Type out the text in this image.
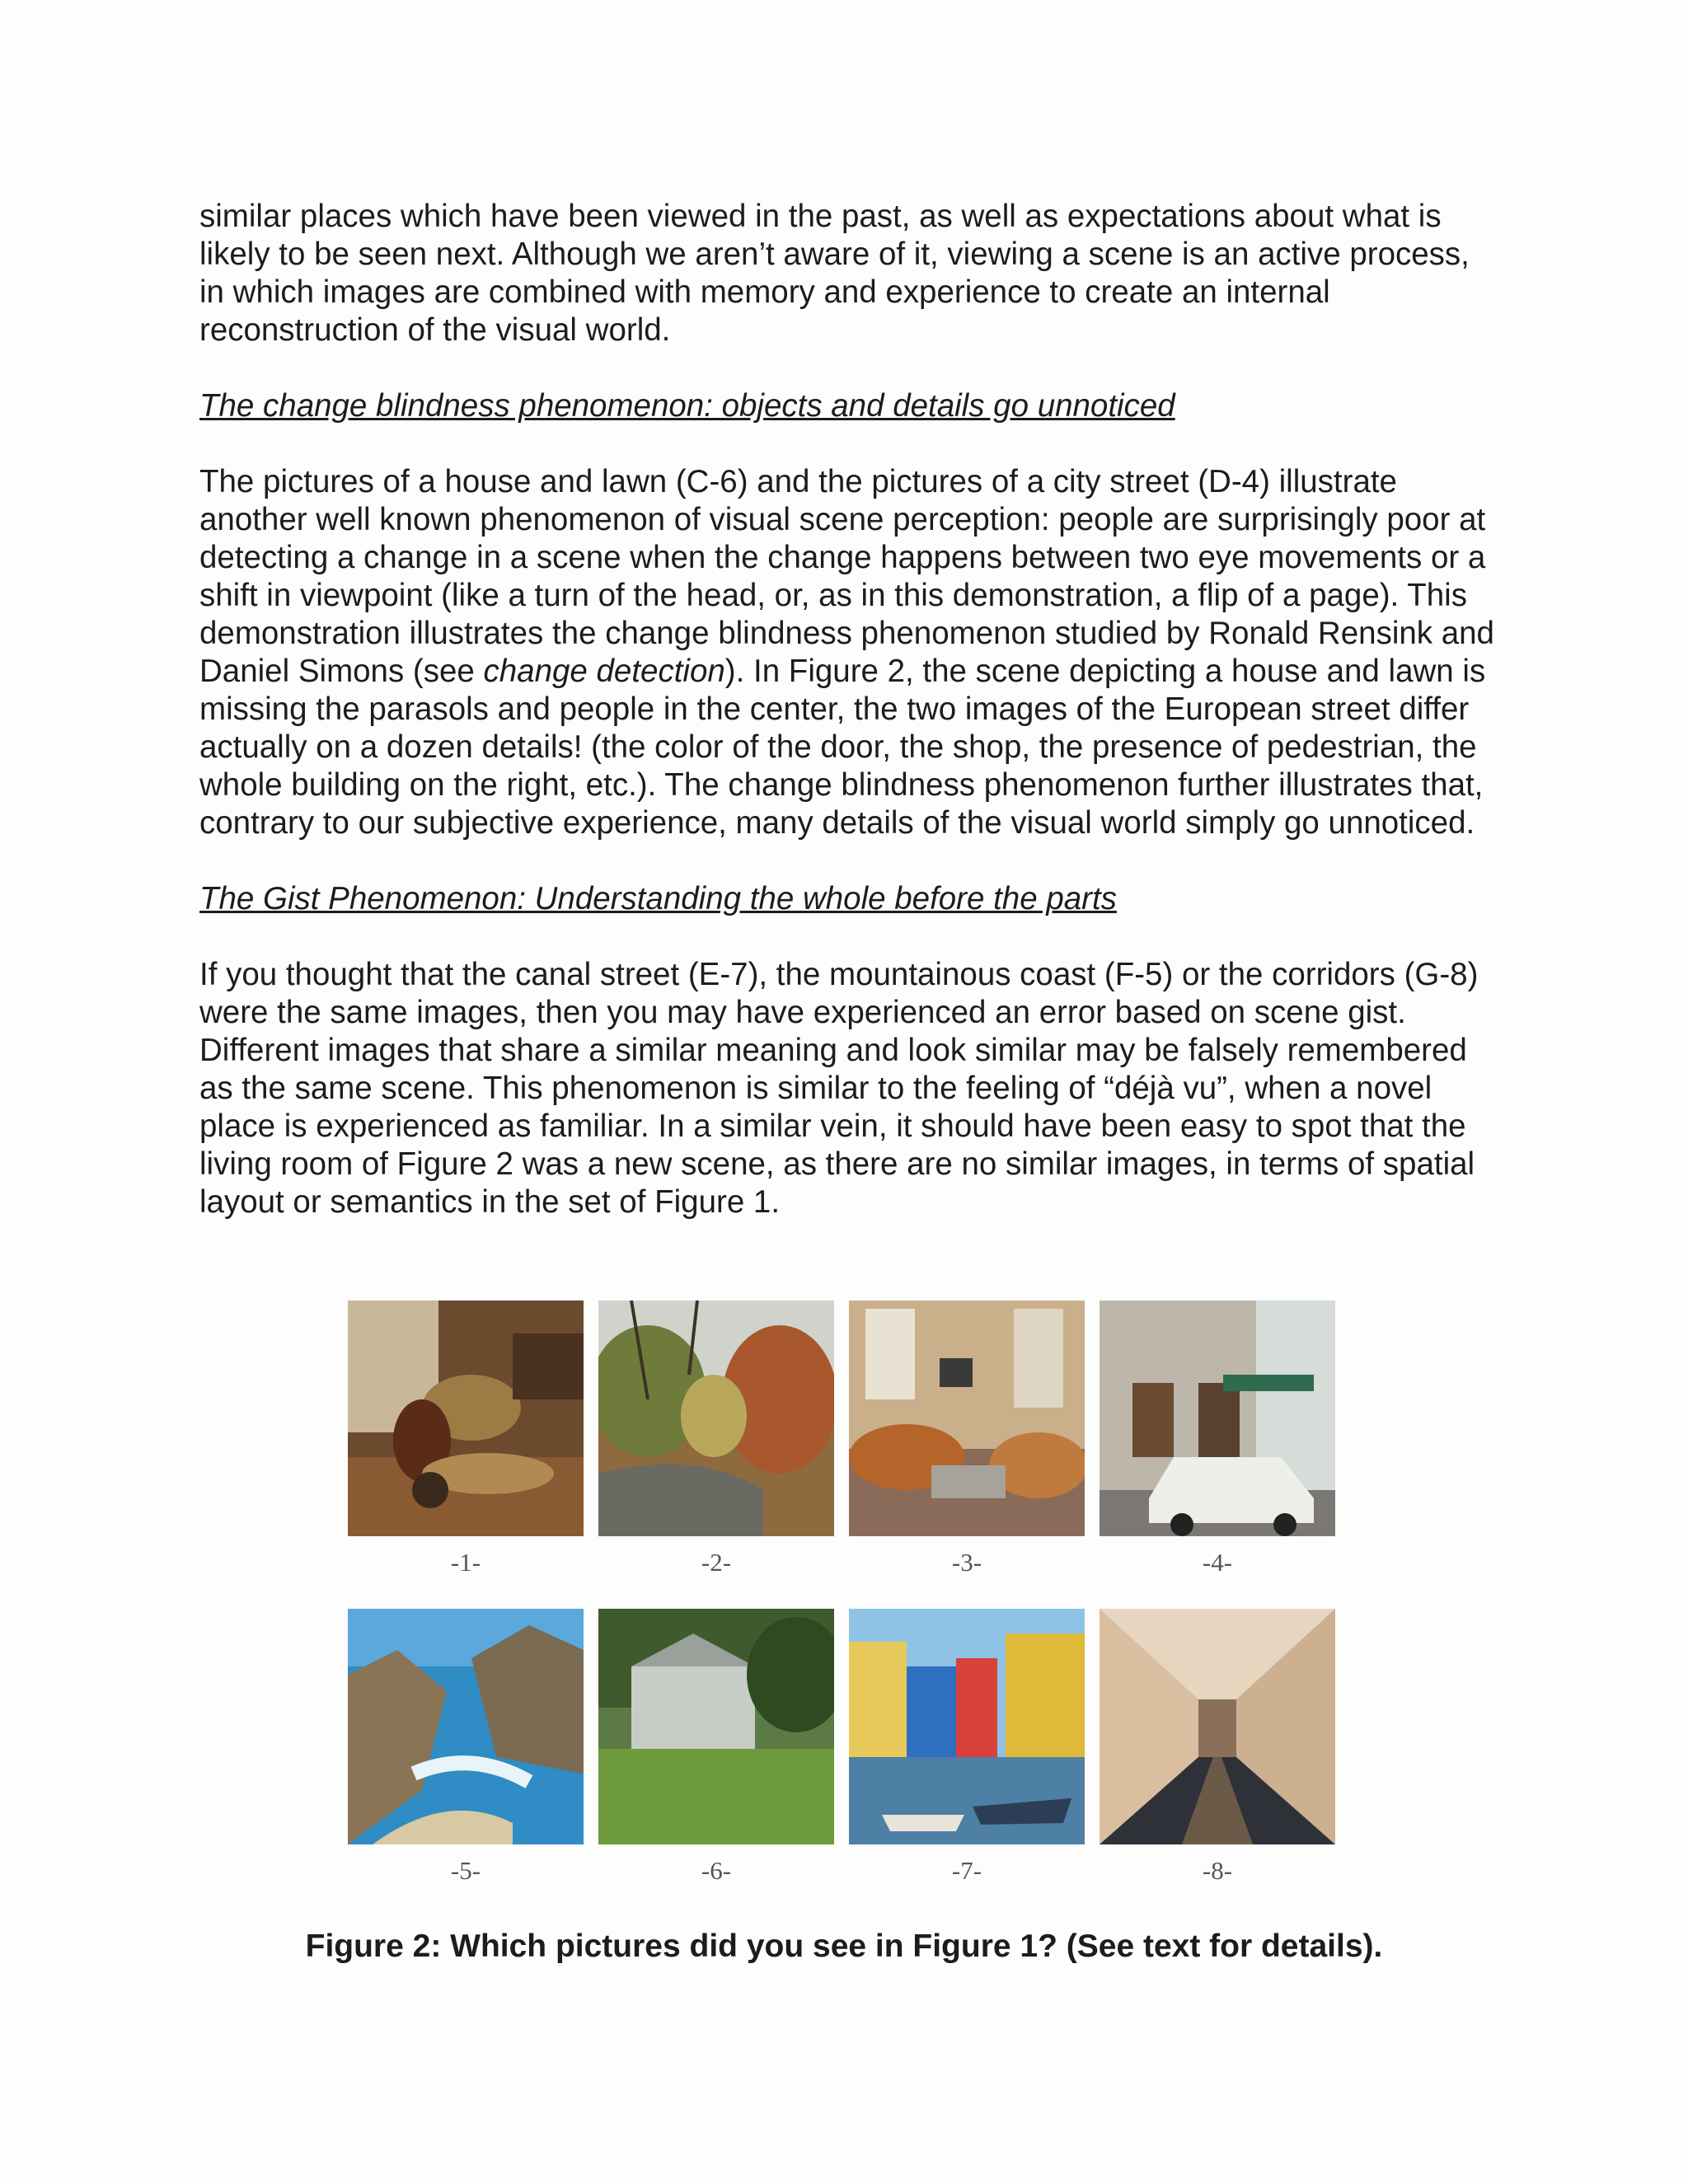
similar places which have been viewed in the past, as well as expectations about what is likely to be seen next. Although we aren’t aware of it, viewing a scene is an active process, in which images are combined with memory and experience to create an internal reconstruction of the visual world.

The change blindness phenomenon: objects and details go unnoticed

The pictures of a house and lawn (C-6) and the pictures of a city street (D-4) illustrate another well known phenomenon of visual scene perception: people are surprisingly poor at detecting a change in a scene when the change happens between two eye movements or a shift in viewpoint (like a turn of the head, or, as in this demonstration, a flip of a page). This demonstration illustrates the change blindness phenomenon studied by Ronald Rensink and Daniel Simons (see change detection). In Figure 2, the scene depicting a house and lawn is missing the parasols and people in the center, the two images of the European street differ actually on a dozen details! (the color of the door, the shop, the presence of pedestrian, the whole building on the right, etc.). The change blindness phenomenon further illustrates that, contrary to our subjective experience, many details of the visual world simply go unnoticed.

The Gist Phenomenon: Understanding the whole before the parts

If you thought that the canal street (E-7), the mountainous coast (F-5) or the corridors (G-8) were the same images, then you may have experienced an error based on scene gist. Different images that share a similar meaning and look similar may be falsely remembered as the same scene. This phenomenon is similar to the feeling of “déjà vu”, when a novel place is experienced as familiar. In a similar vein, it should have been easy to spot that the living room of Figure 2 was a new scene, as there are no similar images, in terms of spatial layout or semantics in the set of Figure 1.

-1-	-2-	-3-	-4-
-5-	-6-	-7-	-8-
Figure 2: Which pictures did you see in Figure 1? (See text for details).
